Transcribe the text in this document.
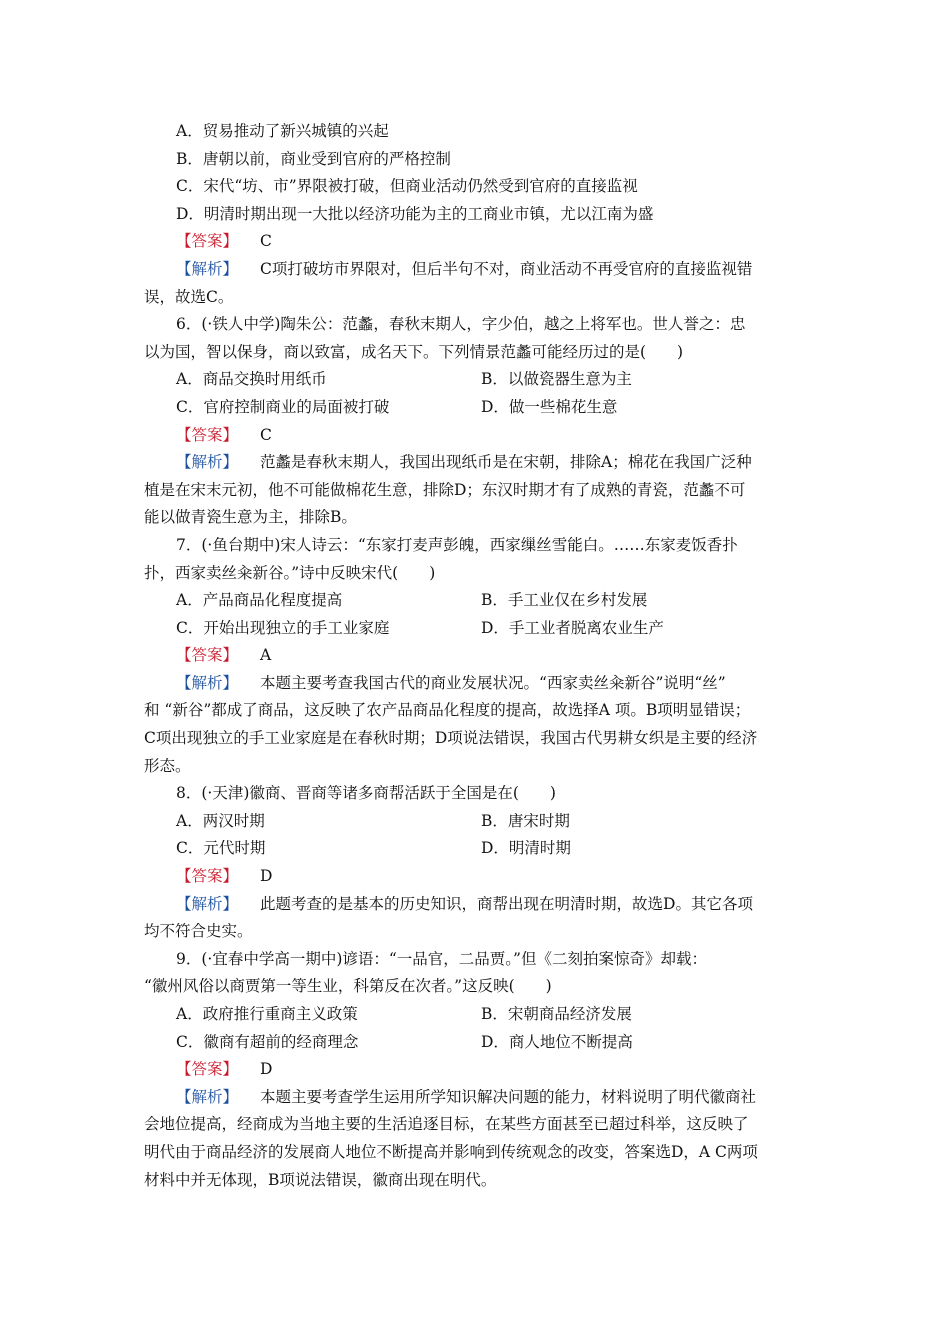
A．贸易推动了新兴城镇的兴起
B．唐朝以前，商业受到官府的严格控制
C．宋代“坊、市”界限被打破，但商业活动仍然受到官府的直接监视
D．明清时期出现一大批以经济功能为主的工商业市镇，尤以江南为盛
【答案】 C
【解析】 C项打破坊市界限对，但后半句不对，商业活动不再受官府的直接监视错
误，故选C。
6．(·铁人中学)陶朱公：范蠡，春秋末期人，字少伯，越之上将军也。世人誉之：忠
以为国，智以保身，商以致富，成名天下。下列情景范蠡可能经历过的是(　　)
A．商品交换时用纸币	B．以做瓷器生意为主
C．官府控制商业的局面被打破	D．做一些棉花生意
【答案】 C
【解析】 范蠡是春秋末期人，我国出现纸币是在宋朝，排除A；棉花在我国广泛种
植是在宋末元初，他不可能做棉花生意，排除D；东汉时期才有了成熟的青瓷，范蠡不可
能以做青瓷生意为主，排除B。
7．(·鱼台期中)宋人诗云：“东家打麦声彭魄，西家缫丝雪能白。……东家麦饭香扑
扑，西家卖丝籴新谷。”诗中反映宋代(　　)
A．产品商品化程度提高	B．手工业仅在乡村发展
C．开始出现独立的手工业家庭	D．手工业者脱离农业生产
【答案】 A
【解析】 本题主要考查我国古代的商业发展状况。“西家卖丝籴新谷”说明“丝”
和 “新谷”都成了商品，这反映了农产品商品化程度的提高，故选择A 项。B项明显错误；
C项出现独立的手工业家庭是在春秋时期；D项说法错误，我国古代男耕女织是主要的经济
形态。
8．(·天津)徽商、晋商等诸多商帮活跃于全国是在(　　)
A．两汉时期	B．唐宋时期
C．元代时期	D．明清时期
【答案】 D
【解析】 此题考查的是基本的历史知识，商帮出现在明清时期，故选D。其它各项
均不符合史实。
9．(·宜春中学高一期中)谚语：“一品官，二品贾。”但《二刻拍案惊奇》却载：
“徽州风俗以商贾第一等生业，科第反在次者。”这反映(　　)
A．政府推行重商主义政策	B．宋朝商品经济发展
C．徽商有超前的经商理念	D．商人地位不断提高
【答案】 D
【解析】 本题主要考查学生运用所学知识解决问题的能力，材料说明了明代徽商社
会地位提高，经商成为当地主要的生活追逐目标，在某些方面甚至已超过科举，这反映了
明代由于商品经济的发展商人地位不断提高并影响到传统观念的改变，答案选D，A C两项
材料中并无体现，B项说法错误，徽商出现在明代。
